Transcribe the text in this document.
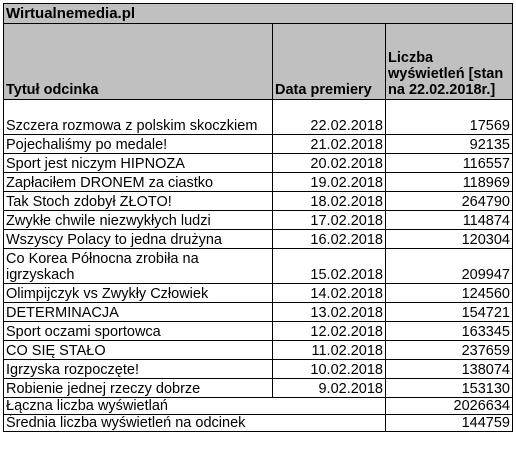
Wirtualnemedia.pl		
Tytuł odcinka	Data premiery	Liczba wyświetleń [stan na 22.02.2018r.]
Szczera rozmowa z polskim skoczkiem	22.02.2018	17569
Pojechaliśmy po medale!	21.02.2018	92135
Sport jest niczym HIPNOZA	20.02.2018	116557
Zapłaciłem DRONEM za ciastko	19.02.2018	118969
Tak Stoch zdobył ZŁOTO!	18.02.2018	264790
Zwykłe chwile niezwykłych ludzi	17.02.2018	114874
Wszyscy Polacy to jedna drużyna	16.02.2018	120304
Co Korea Północna zrobiła na igrzyskach	15.02.2018	209947
Olimpijczyk vs Zwykły Człowiek	14.02.2018	124560
DETERMINACJA	13.02.2018	154721
Sport oczami sportowca	12.02.2018	163345
CO SIĘ STAŁO	11.02.2018	237659
Igrzyska rozpoczęte!	10.02.2018	138074
Robienie jednej rzeczy dobrze	9.02.2018	153130
Łączna liczba wyświetlań		2026634
Średnia liczba wyświetleń na odcinek		144759
